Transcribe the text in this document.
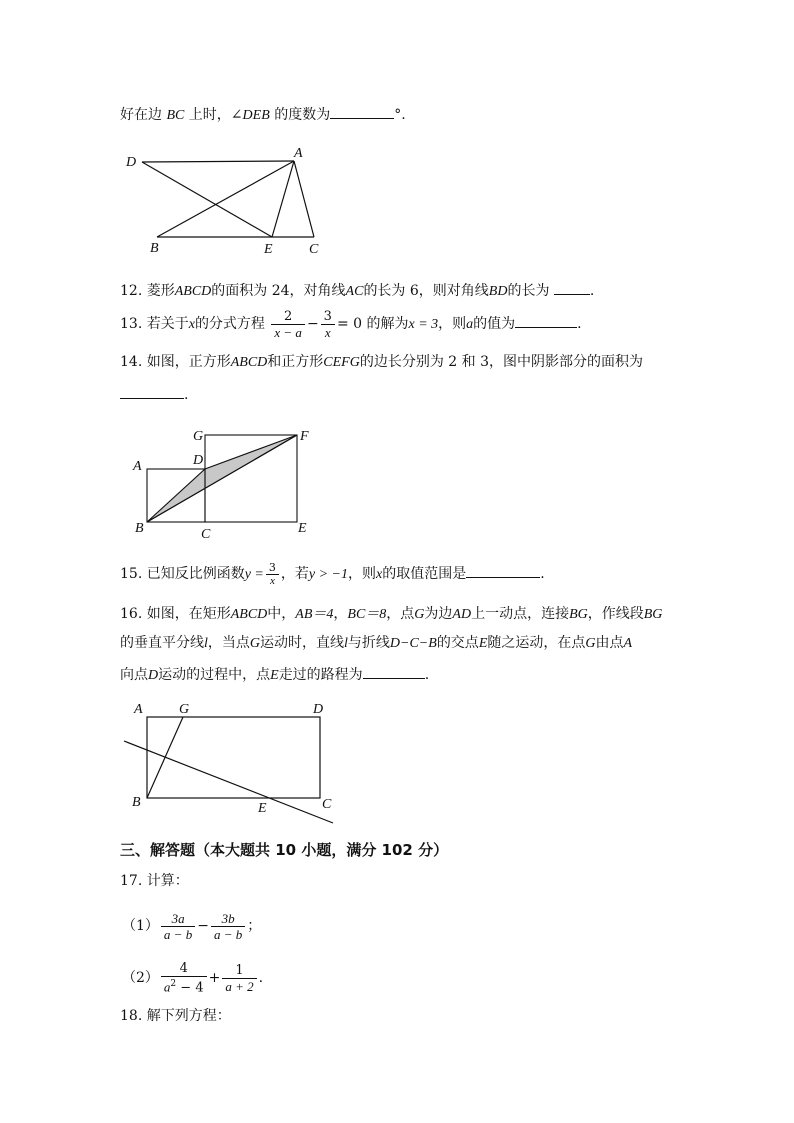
好在边 BC 上时，∠DEB 的度数为	°.
D
A
B	E	C
12. 菱形ABCD的面积为 24，对角线AC的长为 6，则对角线BD的长为	.
13. 若关于x的分式方程 $\frac{2}{x - a} - \frac{3}{x} = 0$ 的解为x = 3，则a的值为	.
14. 如图，正方形ABCD和正方形CEFG的边长分别为 2 和 3，图中阴影部分的面积为
.
G	F
A	D
B	C	E
15. 已知反比例函数$y = \frac{3}{x}$ ，若y > −1，则x的取值范围是	.
16. 如图，在矩形ABCD中，AB＝4，BC＝8，点G为边AD上一动点，连接BG，作线段BG
的垂直平分线l，当点G运动时，直线l与折线D−C−B的交点E随之运动，在点G由点A
向点D运动的过程中，点E走过的路程为	.
A	G	D
B	E	C
三、解答题（本大题共 10 小题，满分 102 分）
17. 计算：
$(1) \frac{3a}{a - b} - \frac{3b}{a - b}$ ；
$(2) \frac{4}{a^2 - 4} + \frac{1}{a + 2}$ .
18. 解下列方程：
